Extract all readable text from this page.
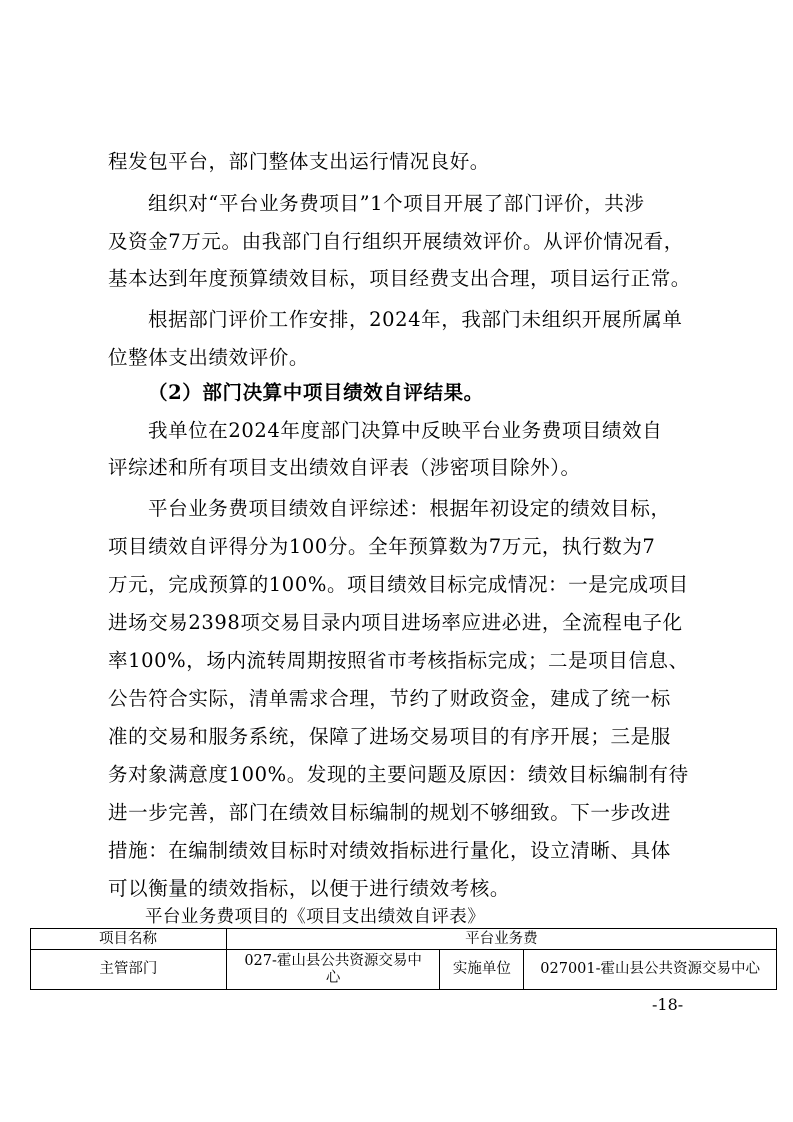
程发包平台，部门整体支出运行情况良好。
组织对“平台业务费项目”1个项目开展了部门评价，共涉
及资金7万元。由我部门自行组织开展绩效评价。从评价情况看，
基本达到年度预算绩效目标，项目经费支出合理，项目运行正常。
根据部门评价工作安排，2024年，我部门未组织开展所属单
位整体支出绩效评价。
（2）部门决算中项目绩效自评结果。
我单位在2024年度部门决算中反映平台业务费项目绩效自
评综述和所有项目支出绩效自评表（涉密项目除外）。
平台业务费项目绩效自评综述：根据年初设定的绩效目标，
项目绩效自评得分为100分。全年预算数为7万元，执行数为7
万元，完成预算的100%。项目绩效目标完成情况：一是完成项目
进场交易2398项交易目录内项目进场率应进必进，全流程电子化
率100%，场内流转周期按照省市考核指标完成；二是项目信息、
公告符合实际，清单需求合理，节约了财政资金，建成了统一标
准的交易和服务系统，保障了进场交易项目的有序开展；三是服
务对象满意度100%。发现的主要问题及原因：绩效目标编制有待
进一步完善，部门在绩效目标编制的规划不够细致。下一步改进
措施：在编制绩效目标时对绩效指标进行量化，设立清晰、具体
可以衡量的绩效指标，以便于进行绩效考核。
平台业务费项目的《项目支出绩效自评表》
项目名称	平台业务费		
主管部门	027-霍山县公共资源交易中心	实施单位	027001-霍山县公共资源交易中心
-18-
